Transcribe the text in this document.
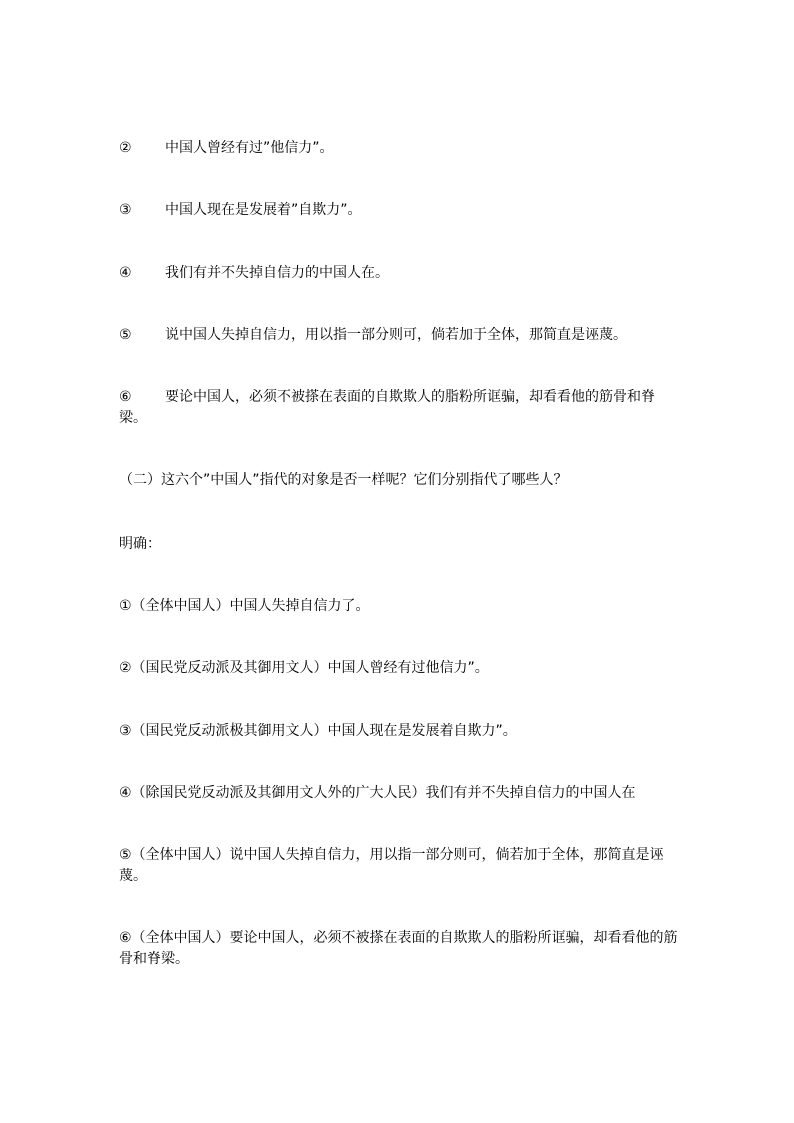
②	中国人曾经有过”他信力”。
③	中国人现在是发展着”自欺力”。
④	我们有并不失掉自信力的中国人在。
⑤	说中国人失掉自信力，用以指一部分则可，倘若加于全体，那简直是诬蔑。
⑥	要论中国人，必须不被搽在表面的自欺欺人的脂粉所诓骗，却看看他的筋骨和脊梁。

（二）这六个”中国人”指代的对象是否一样呢？它们分别指代了哪些人？

明确：

①（全体中国人）中国人失掉自信力了。

②（国民党反动派及其御用文人）中国人曾经有过他信力”。

③（国民党反动派极其御用文人）中国人现在是发展着自欺力”。

④（除国民党反动派及其御用文人外的广大人民）我们有并不失掉自信力的中国人在

⑤（全体中国人）说中国人失掉自信力，用以指一部分则可，倘若加于全体，那简直是诬蔑。

⑥（全体中国人）要论中国人，必须不被搽在表面的自欺欺人的脂粉所诓骗，却看看他的筋骨和脊梁。
